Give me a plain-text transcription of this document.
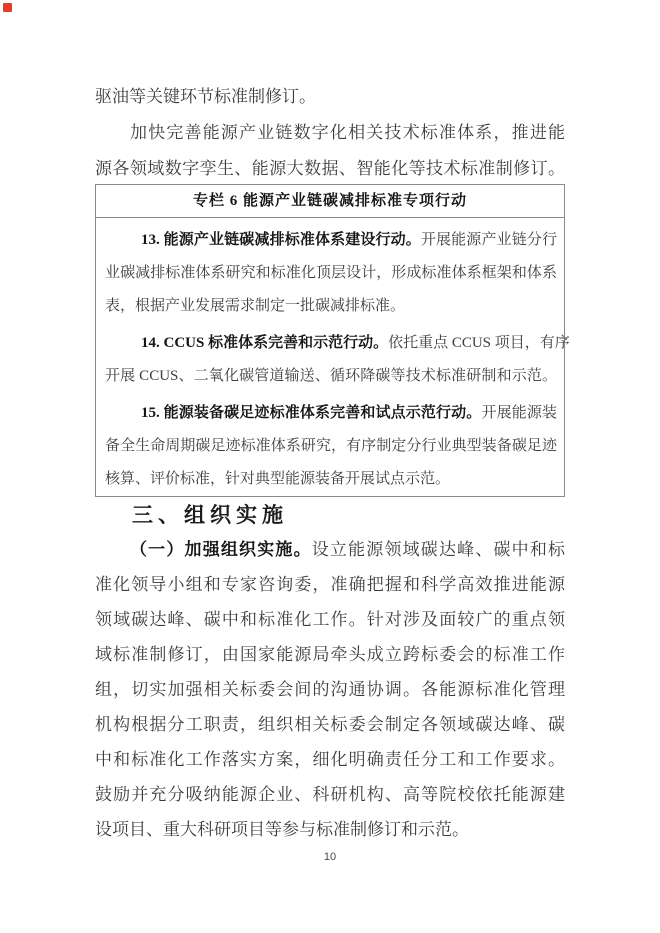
驱油等关键环节标准制修订。
加快完善能源产业链数字化相关技术标准体系，推进能
源各领域数字孪生、能源大数据、智能化等技术标准制修订。
专栏 6 能源产业链碳减排标准专项行动
13. 能源产业链碳减排标准体系建设行动。开展能源产业链分行
业碳减排标准体系研究和标准化顶层设计，形成标准体系框架和体系
表，根据产业发展需求制定一批碳减排标准。
14. CCUS 标准体系完善和示范行动。依托重点 CCUS 项目，有序
开展 CCUS、二氧化碳管道输送、循环降碳等技术标准研制和示范。
15. 能源装备碳足迹标准体系完善和试点示范行动。开展能源装
备全生命周期碳足迹标准体系研究，有序制定分行业典型装备碳足迹
核算、评价标准，针对典型能源装备开展试点示范。
三、组织实施
（一）加强组织实施。设立能源领域碳达峰、碳中和标
准化领导小组和专家咨询委，准确把握和科学高效推进能源
领域碳达峰、碳中和标准化工作。针对涉及面较广的重点领
域标准制修订，由国家能源局牵头成立跨标委会的标准工作
组，切实加强相关标委会间的沟通协调。各能源标准化管理
机构根据分工职责，组织相关标委会制定各领域碳达峰、碳
中和标准化工作落实方案，细化明确责任分工和工作要求。
鼓励并充分吸纳能源企业、科研机构、高等院校依托能源建
设项目、重大科研项目等参与标准制修订和示范。
10
